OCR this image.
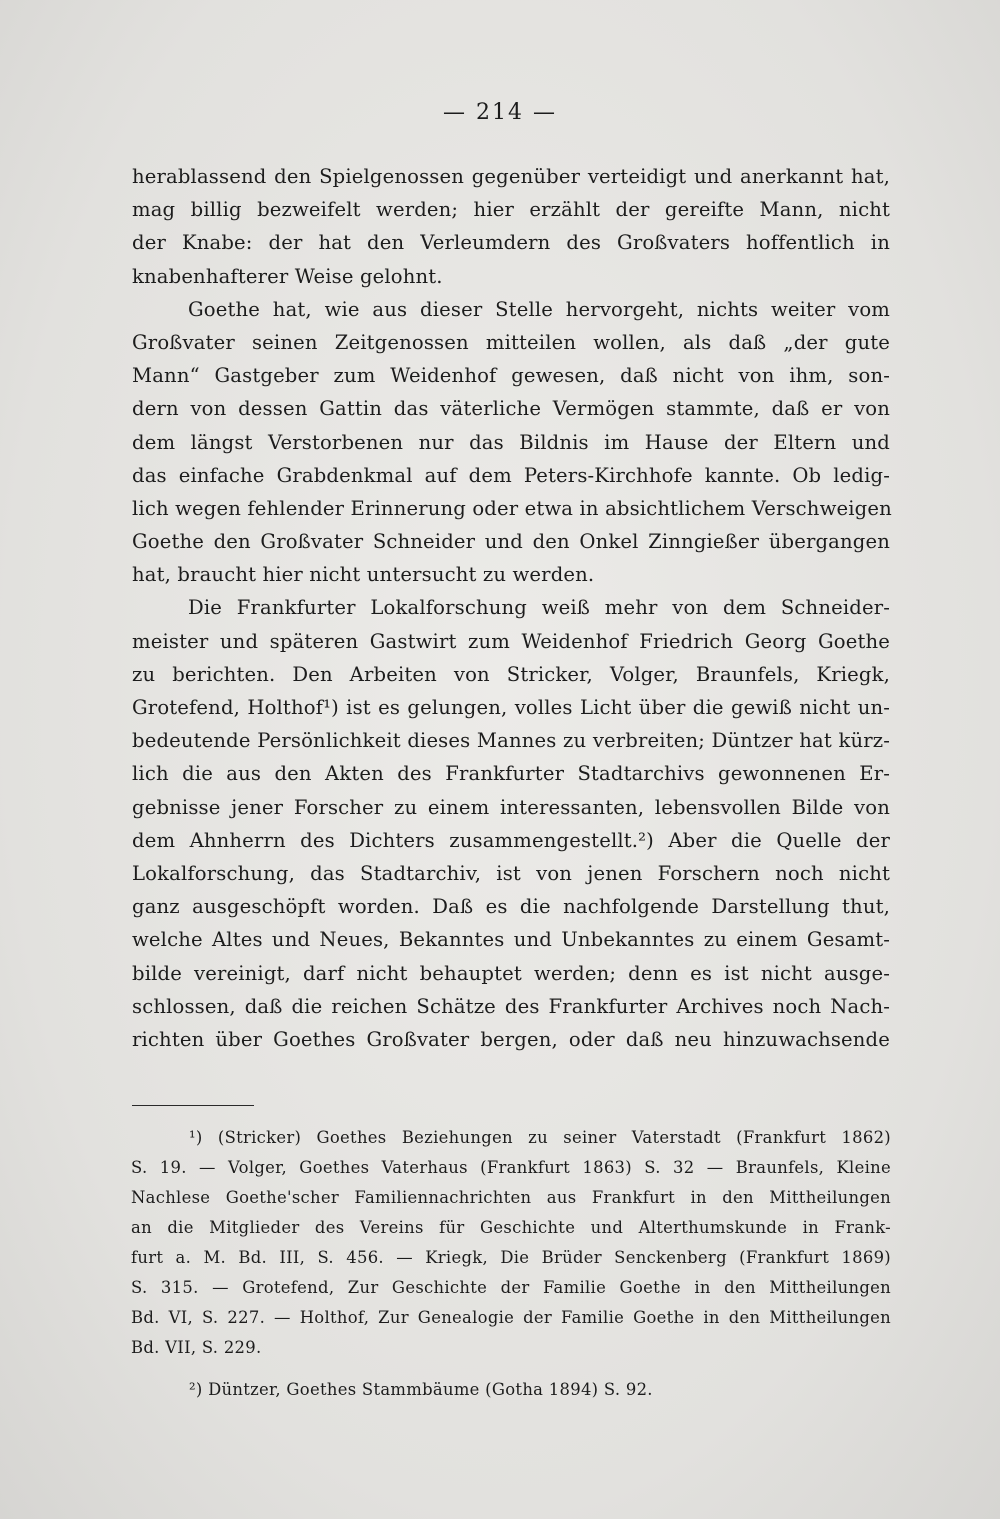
— 214 —
herablassend den Spielgenossen gegenüber verteidigt und anerkannt hat,
mag billig bezweifelt werden; hier erzählt der gereifte Mann, nicht
der Knabe: der hat den Verleumdern des Großvaters hoffentlich in
knabenhafterer Weise gelohnt.
Goethe hat, wie aus dieser Stelle hervorgeht, nichts weiter vom
Großvater seinen Zeitgenossen mitteilen wollen, als daß „der gute
Mann“ Gastgeber zum Weidenhof gewesen, daß nicht von ihm, son-
dern von dessen Gattin das väterliche Vermögen stammte, daß er von
dem längst Verstorbenen nur das Bildnis im Hause der Eltern und
das einfache Grabdenkmal auf dem Peters-Kirchhofe kannte. Ob ledig-
lich wegen fehlender Erinnerung oder etwa in absichtlichem Verschweigen
Goethe den Großvater Schneider und den Onkel Zinngießer übergangen
hat, braucht hier nicht untersucht zu werden.
Die Frankfurter Lokalforschung weiß mehr von dem Schneider-
meister und späteren Gastwirt zum Weidenhof Friedrich Georg Goethe
zu berichten. Den Arbeiten von Stricker, Volger, Braunfels, Kriegk,
Grotefend, Holthof¹) ist es gelungen, volles Licht über die gewiß nicht un-
bedeutende Persönlichkeit dieses Mannes zu verbreiten; Düntzer hat kürz-
lich die aus den Akten des Frankfurter Stadtarchivs gewonnenen Er-
gebnisse jener Forscher zu einem interessanten, lebensvollen Bilde von
dem Ahnherrn des Dichters zusammengestellt.²) Aber die Quelle der
Lokalforschung, das Stadtarchiv, ist von jenen Forschern noch nicht
ganz ausgeschöpft worden. Daß es die nachfolgende Darstellung thut,
welche Altes und Neues, Bekanntes und Unbekanntes zu einem Gesamt-
bilde vereinigt, darf nicht behauptet werden; denn es ist nicht ausge-
schlossen, daß die reichen Schätze des Frankfurter Archives noch Nach-
richten über Goethes Großvater bergen, oder daß neu hinzuwachsende
¹) (Stricker) Goethes Beziehungen zu seiner Vaterstadt (Frankfurt 1862)
S. 19. — Volger, Goethes Vaterhaus (Frankfurt 1863) S. 32 — Braunfels, Kleine
Nachlese Goethe'scher Familiennachrichten aus Frankfurt in den Mittheilungen
an die Mitglieder des Vereins für Geschichte und Alterthumskunde in Frank-
furt a. M. Bd. III, S. 456. — Kriegk, Die Brüder Senckenberg (Frankfurt 1869)
S. 315. — Grotefend, Zur Geschichte der Familie Goethe in den Mittheilungen
Bd. VI, S. 227. — Holthof, Zur Genealogie der Familie Goethe in den Mittheilungen
Bd. VII, S. 229.
²) Düntzer, Goethes Stammbäume (Gotha 1894) S. 92.
